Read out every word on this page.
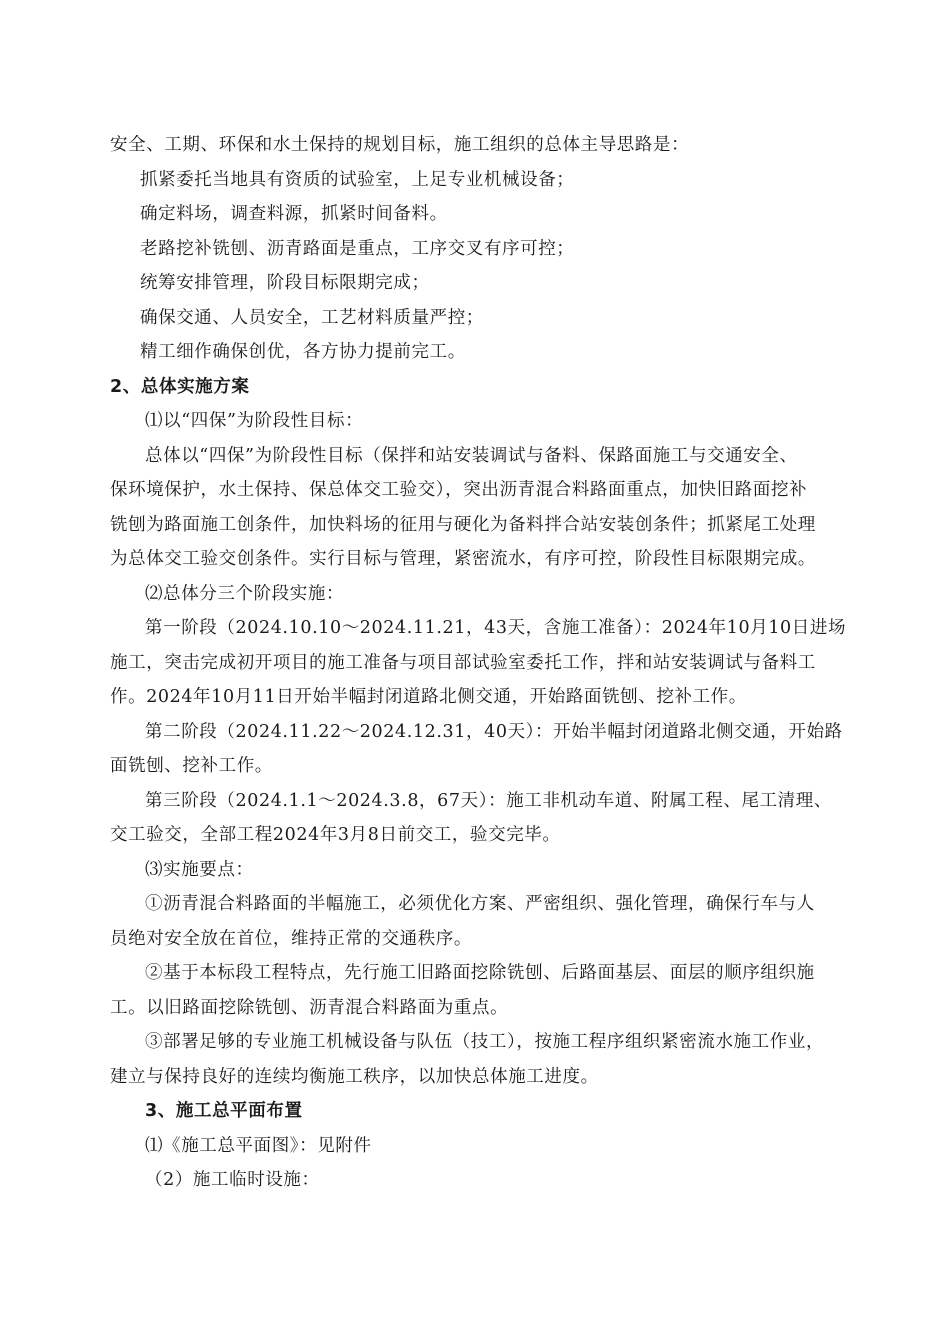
安全、工期、环保和水土保持的规划目标，施工组织的总体主导思路是：
抓紧委托当地具有资质的试验室，上足专业机械设备；
确定料场，调查料源，抓紧时间备料。
老路挖补铣刨、沥青路面是重点，工序交叉有序可控；
统筹安排管理，阶段目标限期完成；
确保交通、人员安全，工艺材料质量严控；
精工细作确保创优，各方协力提前完工。
2、总体实施方案
⑴以“四保”为阶段性目标：
总体以“四保”为阶段性目标（保拌和站安装调试与备料、保路面施工与交通安全、
保环境保护，水土保持、保总体交工验交），突出沥青混合料路面重点，加快旧路面挖补
铣刨为路面施工创条件，加快料场的征用与硬化为备料拌合站安装创条件；抓紧尾工处理
为总体交工验交创条件。实行目标与管理，紧密流水，有序可控，阶段性目标限期完成。
⑵总体分三个阶段实施：
第一阶段（2024.10.10～2024.11.21，43天，含施工准备）：2024年10月10日进场
施工，突击完成初开项目的施工准备与项目部试验室委托工作，拌和站安装调试与备料工
作。2024年10月11日开始半幅封闭道路北侧交通，开始路面铣刨、挖补工作。
第二阶段（2024.11.22～2024.12.31，40天）：开始半幅封闭道路北侧交通，开始路
面铣刨、挖补工作。
第三阶段（2024.1.1～2024.3.8，67天）：施工非机动车道、附属工程、尾工清理、
交工验交，全部工程2024年3月8日前交工，验交完毕。
⑶实施要点：
①沥青混合料路面的半幅施工，必须优化方案、严密组织、强化管理，确保行车与人
员绝对安全放在首位，维持正常的交通秩序。
②基于本标段工程特点，先行施工旧路面挖除铣刨、后路面基层、面层的顺序组织施
工。以旧路面挖除铣刨、沥青混合料路面为重点。
③部署足够的专业施工机械设备与队伍（技工），按施工程序组织紧密流水施工作业，
建立与保持良好的连续均衡施工秩序，以加快总体施工进度。
3、施工总平面布置
⑴《施工总平面图》：见附件
（2）施工临时设施：
